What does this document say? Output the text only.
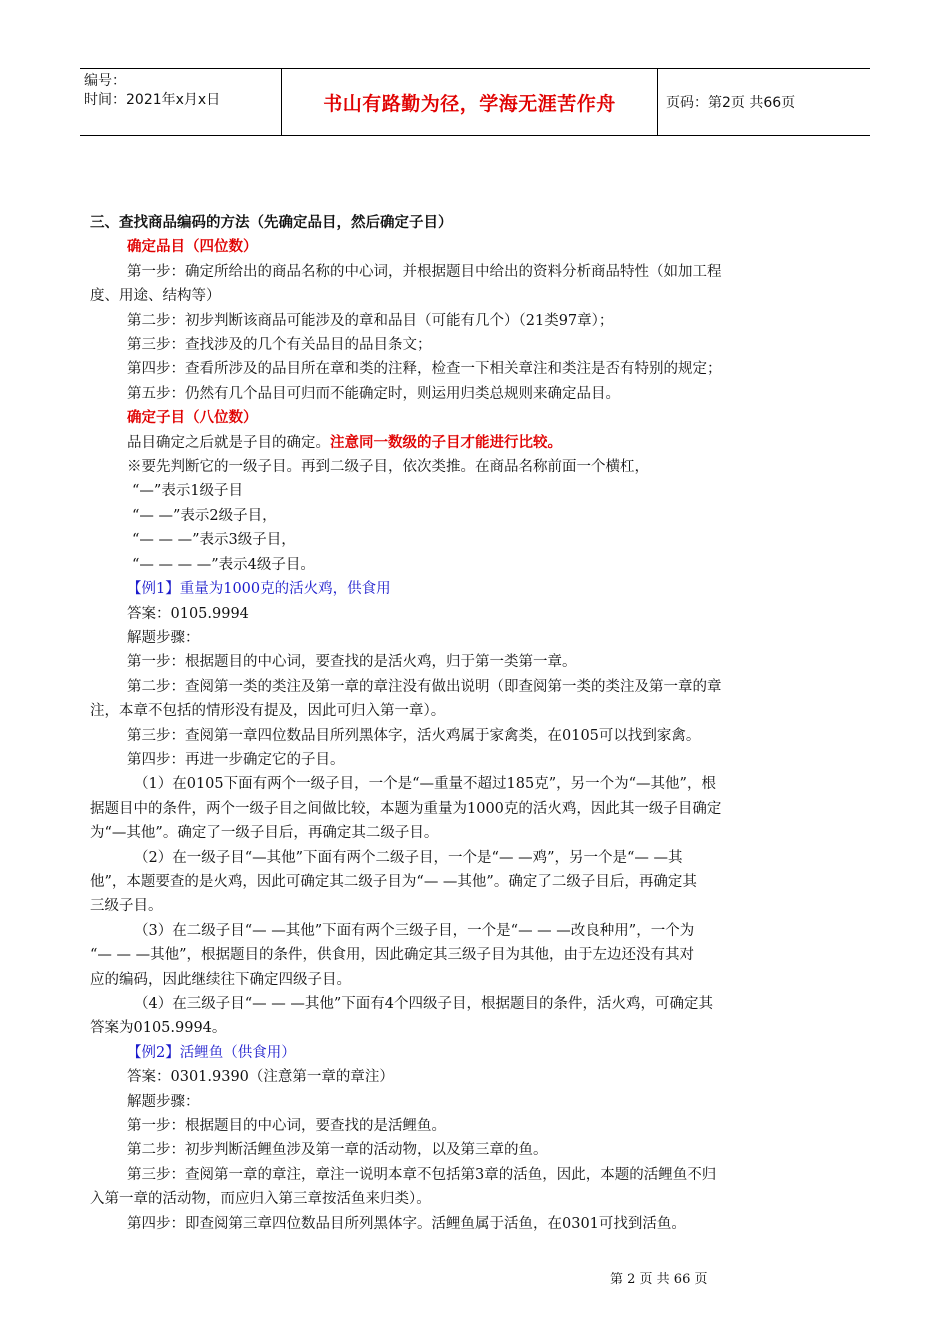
编号：
时间：2021年x月x日	书山有路勤为径，学海无涯苦作舟	页码：第2页 共66页

三、查找商品编码的方法（先确定品目，然后确定子目）

确定品目（四位数）

第一步：确定所给出的商品名称的中心词，并根据题目中给出的资料分析商品特性（如加工程

度、用途、结构等）

第二步：初步判断该商品可能涉及的章和品目（可能有几个）（21类97章）；

第三步：查找涉及的几个有关品目的品目条文；

第四步：查看所涉及的品目所在章和类的注释，检查一下相关章注和类注是否有特别的规定；

第五步：仍然有几个品目可归而不能确定时，则运用归类总规则来确定品目。

确定子目（八位数）

品目确定之后就是子目的确定。注意同一数级的子目才能进行比较。

※要先判断它的一级子目。再到二级子目，依次类推。在商品名称前面一个横杠，

“—”表示1级子目

“— —”表示2级子目，

“— — —”表示3级子目，

“— — — —”表示4级子目。

【例1】重量为1000克的活火鸡，供食用

答案：0105.9994

解题步骤：

第一步：根据题目的中心词，要查找的是活火鸡，归于第一类第一章。

第二步：查阅第一类的类注及第一章的章注没有做出说明（即查阅第一类的类注及第一章的章

注，本章不包括的情形没有提及，因此可归入第一章）。

第三步：查阅第一章四位数品目所列黑体字，活火鸡属于家禽类，在0105可以找到家禽。

第四步：再进一步确定它的子目。

（1）在0105下面有两个一级子目，一个是“—重量不超过185克”，另一个为“—其他”，根

据题目中的条件，两个一级子目之间做比较，本题为重量为1000克的活火鸡，因此其一级子目确定

为“—其他”。确定了一级子目后，再确定其二级子目。

（2）在一级子目“—其他”下面有两个二级子目，一个是“— —鸡”，另一个是“— —其

他”，本题要查的是火鸡，因此可确定其二级子目为“— —其他”。确定了二级子目后，再确定其

三级子目。

（3）在二级子目“— —其他”下面有两个三级子目，一个是“— — —改良种用”，一个为

“— — —其他”，根据题目的条件，供食用，因此确定其三级子目为其他，由于左边还没有其对

应的编码，因此继续往下确定四级子目。

（4）在三级子目“— — —其他”下面有4个四级子目，根据题目的条件，活火鸡，可确定其

答案为0105.9994。

【例2】活鲤鱼（供食用）

答案：0301.9390（注意第一章的章注）

解题步骤：

第一步：根据题目的中心词，要查找的是活鲤鱼。

第二步：初步判断活鲤鱼涉及第一章的活动物，以及第三章的鱼。

第三步：查阅第一章的章注，章注一说明本章不包括第3章的活鱼，因此，本题的活鲤鱼不归

入第一章的活动物，而应归入第三章按活鱼来归类）。

第四步：即查阅第三章四位数品目所列黑体字。活鲤鱼属于活鱼，在0301可找到活鱼。

第 2 页 共 66 页
